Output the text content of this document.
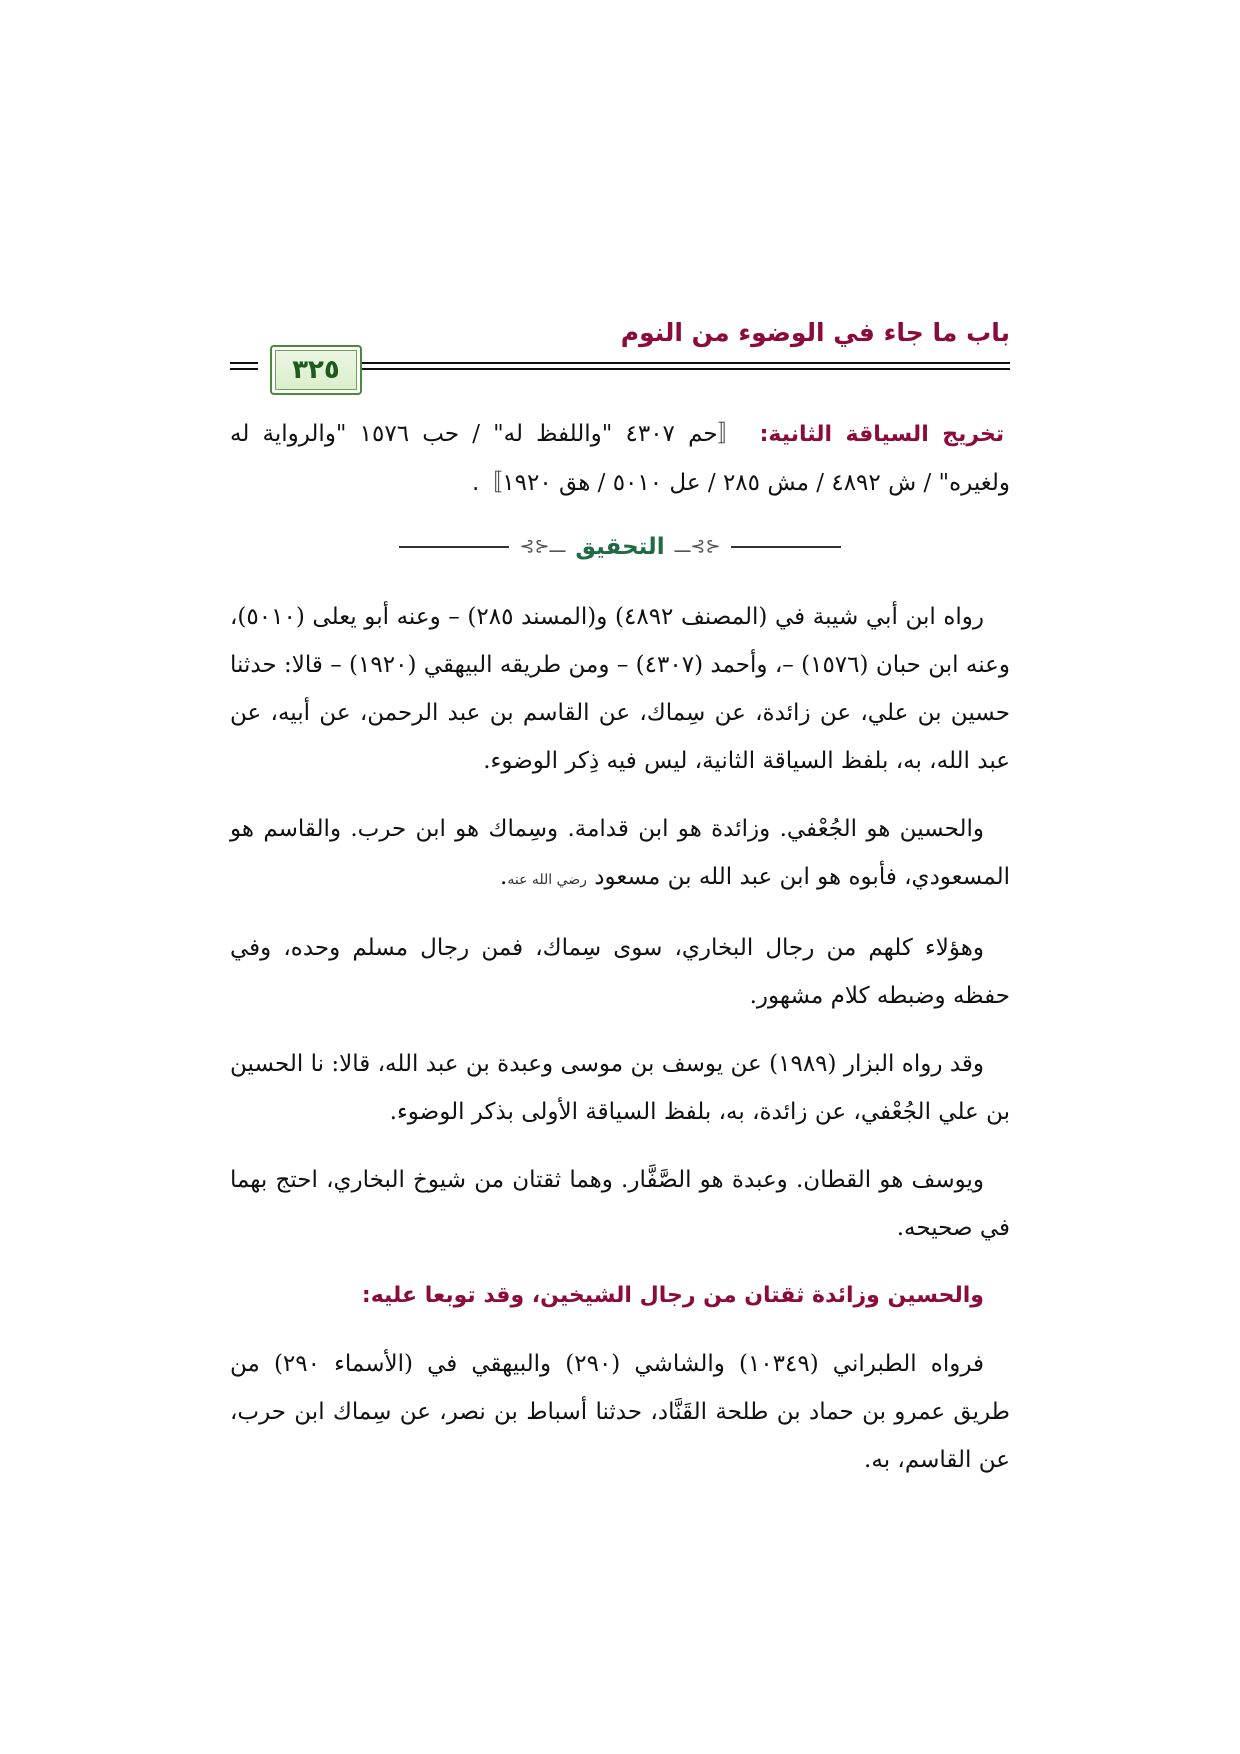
باب ما جاء في الوضوء من النوم
٣٢٥

تخريج السياقة الثانية: 〚حم ٤٣٠٧ "واللفظ له" / حب ١٥٧٦ "والرواية له ولغيره" / ش ٤٨٩٢ / مش ٢٨٥ / عل ٥٠١٠ / هق ١٩٢٠〛.

⊰⊱ـــ
التحقيق
ـــ⊰⊱

رواه ابن أبي شيبة في (المصنف ٤٨٩٢) و(المسند ٢٨٥) – وعنه أبو يعلى (٥٠١٠)، وعنه ابن حبان (١٥٧٦) –، وأحمد (٤٣٠٧) – ومن طريقه البيهقي (١٩٢٠) – قالا: حدثنا حسين بن علي، عن زائدة، عن سِماك، عن القاسم بن عبد الرحمن، عن أبيه، عن عبد الله، به، بلفظ السياقة الثانية، ليس فيه ذِكر الوضوء.

والحسين هو الجُعْفي. وزائدة هو ابن قدامة. وسِماك هو ابن حرب. والقاسم هو المسعودي، فأبوه هو ابن عبد الله بن مسعود رضي الله عنه.

وهؤلاء كلهم من رجال البخاري، سوى سِماك، فمن رجال مسلم وحده، وفي حفظه وضبطه كلام مشهور.

وقد رواه البزار (١٩٨٩) عن يوسف بن موسى وعبدة بن عبد الله، قالا: نا الحسين بن علي الجُعْفي، عن زائدة، به، بلفظ السياقة الأولى بذكر الوضوء.

ويوسف هو القطان. وعبدة هو الصَّفَّار. وهما ثقتان من شيوخ البخاري، احتج بهما في صحيحه.

والحسين وزائدة ثقتان من رجال الشيخين، وقد توبعا عليه:

فرواه الطبراني (١٠٣٤٩) والشاشي (٢٩٠) والبيهقي في (الأسماء ٢٩٠) من طريق عمرو بن حماد بن طلحة القَنَّاد، حدثنا أسباط بن نصر، عن سِماك ابن حرب، عن القاسم، به.
